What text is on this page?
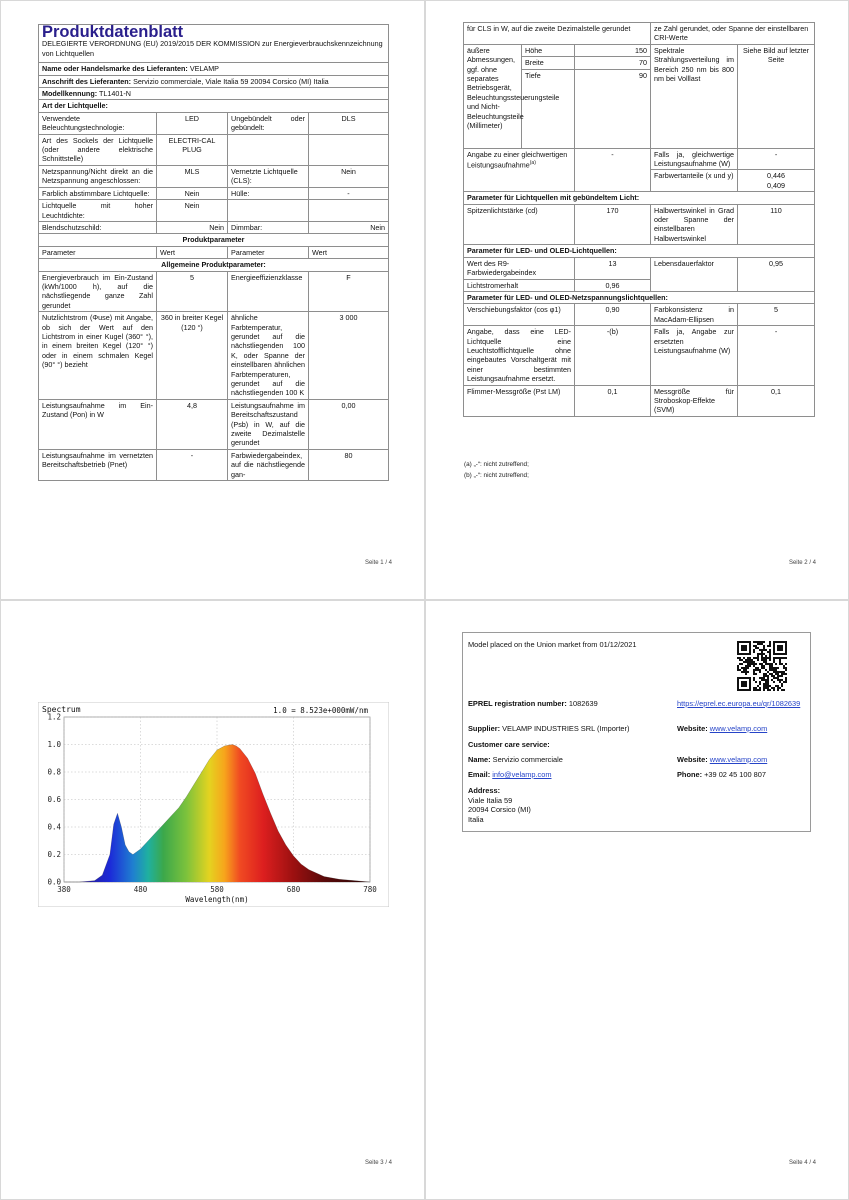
Produktdatenblatt
DELEGIERTE VERORDNUNG (EU) 2019/2015 DER KOMMISSION zur Energieverbrauchskennzeichnung von Lichtquellen			

Name oder Handelsmarke des Lieferanten: VELAMP			
Anschrift des Lieferanten: Servizio commerciale, Viale Italia 59 20094 Corsico (MI) Italia			
Modellkennung: TL1401-N			
Art der Lichtquelle:			
Verwendete Beleuchtungstechnologie:	LED	Ungebündelt oder gebündelt:	DLS
Art des Sockels der Lichtquelle (oder andere elektrische Schnittstelle)	ELECTRI-CAL PLUG		
Netzspannung/Nicht direkt an die Netzspannung angeschlossen:	MLS	Vernetzte Lichtquelle (CLS):	Nein
Farblich abstimmbare Lichtquelle:	Nein	Hülle:	-
Lichtquelle mit hoher Leuchtdichte:	Nein		
Blendschutzschild:	Nein	Dimmbar:	Nein
Produktparameter			
Parameter	Wert	Parameter	Wert
Allgemeine Produktparameter:			
Energieverbrauch im Ein-Zustand (kWh/1000 h), auf die nächstliegende ganze Zahl gerundet	5	Energieeffizienzklasse	F
Nutzlichtstrom (Φuse) mit Angabe, ob sich der Wert auf den Lichtstrom in einer Kugel (360° °), in einem breiten Kegel (120° °) oder in einem schmalen Kegel (90° °) bezieht	360 in breiter Kegel (120 °)	ähnliche Farbtemperatur, gerundet auf die nächstliegenden 100 K, oder Spanne der einstellbaren ähnlichen Farbtemperaturen, gerundet auf die nächstliegenden 100 K	3 000
Leistungsaufnahme im Ein-Zustand (Pon) in W	4,8	Leistungsaufnahme im Bereitschaftszustand (Psb) in W, auf die zweite Dezimalstelle gerundet	0,00
Leistungsaufnahme im vernetzten Bereitschaftsbetrieb (Pnet)	-	Farbwiedergabeindex, auf die nächstliegende gan-	80
Seite 1 / 4
für CLS in W, auf die zweite Dezimalstelle gerundet			ze Zahl gerundet, oder Spanne der einstellbaren CRI-Werte	
äußere Abmessungen, ggf. ohne separates Betriebsgerät, Beleuchtungssteuerungsteile und Nicht-Beleuchtungsteile (Millimeter)	Höhe	150	Spektrale Strahlungsverteilung im Bereich 250 nm bis 800 nm bei Volllast	Siehe Bild auf letzter Seite
	Breite	70		
	Tiefe	90		
Angabe zu einer gleichwertigen Leistungsaufnahme$^{(a)}$		-	Falls ja, gleichwertige Leistungsaufnahme (W)	-
			Farbwertanteile (x und y)	0,446
0,409

Parameter für Lichtquellen mit gebündeltem Licht:				
Spitzenlichtstärke (cd)		170	Halbwertswinkel in Grad oder Spanne der einstellbaren Halbwertswinkel	110
Parameter für LED- und OLED-Lichtquellen:				
Wert des R9-Farbwiedergabeindex		13	Lebensdauerfaktor	0,95
Lichtstromerhalt		0,96		
Parameter für LED- und OLED-Netzspannungslichtquellen:				
Verschiebungsfaktor (cos φ1)		0,90	Farbkonsistenz in MacAdam-Ellipsen	5
Angabe, dass eine LED-Lichtquelle eine Leuchtstofflichtquelle ohne eingebautes Vorschaltgerät mit einer bestimmten Leistungsaufnahme ersetzt.		-(b)	Falls ja, Angabe zur ersetzten Leistungsaufnahme (W)	-
Flimmer-Messgröße (Pst LM)		0,1	Messgröße für Stroboskop-Effekte (SVM)	0,1
(a) „-“: nicht zutreffend;
(b) „-“: nicht zutreffend;
Seite 2 / 4
Seite 3 / 4
0.0
0.2
0.4
0.6
0.8
1.0
1.2
380	480	580	680	780
Spectrum	1.0 = 8.523e+000mW/nm
Wavelength(nm)
Seite 4 / 4
Model placed on the Union market from 01/12/2021
EPREL registration number: 1082639	https://eprel.ec.europa.eu/qr/1082639
Supplier: VELAMP INDUSTRIES SRL (Importer)	Website: www.velamp.com
Customer care service:
Name: Servizio commerciale	Website: www.velamp.com
Email: info@velamp.com	Phone: +39 02 45 100 807
Address:
Viale Italia 59
20094 Corsico (MI)
Italia
